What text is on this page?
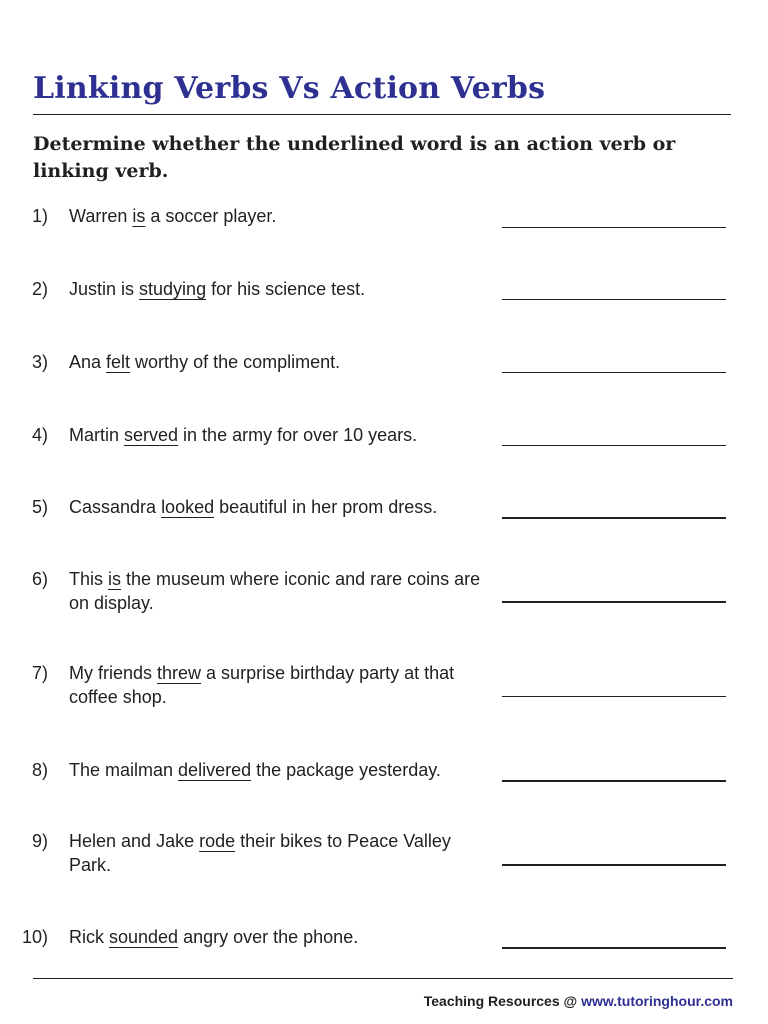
Linking Verbs Vs Action Verbs

Determine whether the underlined word is an action verb or linking verb.

1) Warren is a soccer player.
2) Justin is studying for his science test.
3) Ana felt worthy of the compliment.
4) Martin served in the army for over 10 years.
5) Cassandra looked beautiful in her prom dress.
6) This is the museum where iconic and rare coins are on display.
7) My friends threw a surprise birthday party at that coffee shop.
8) The mailman delivered the package yesterday.
9) Helen and Jake rode their bikes to Peace Valley Park.
10) Rick sounded angry over the phone.
Teaching Resources @ www.tutoringhour.com
